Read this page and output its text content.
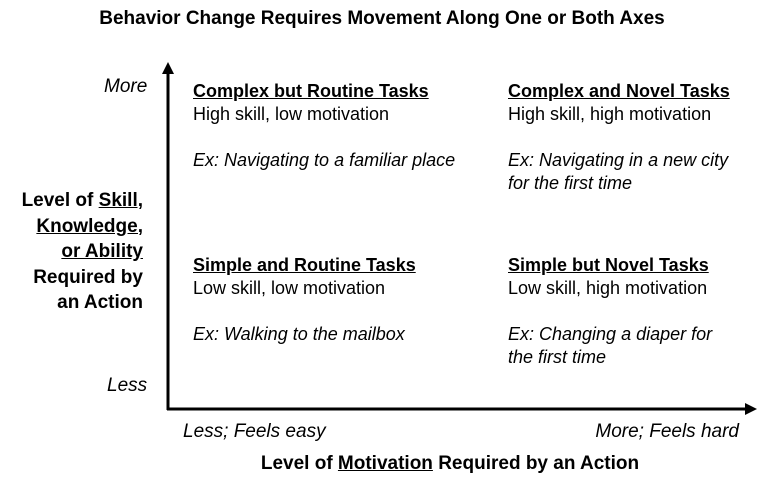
Behavior Change Requires Movement Along One or Both Axes
More
Less
Level of Skill,
Knowledge,
or Ability
Required by
an Action
Less; Feels easy	More; Feels hard
Level of Motivation Required by an Action
Complex but Routine Tasks
High skill, low motivation
Ex: Navigating to a familiar place
Complex and Novel Tasks
High skill, high motivation
Ex: Navigating in a new city
for the first time
Simple and Routine Tasks
Low skill, low motivation
Ex: Walking to the mailbox
Simple but Novel Tasks
Low skill, high motivation
Ex: Changing a diaper for
the first time
